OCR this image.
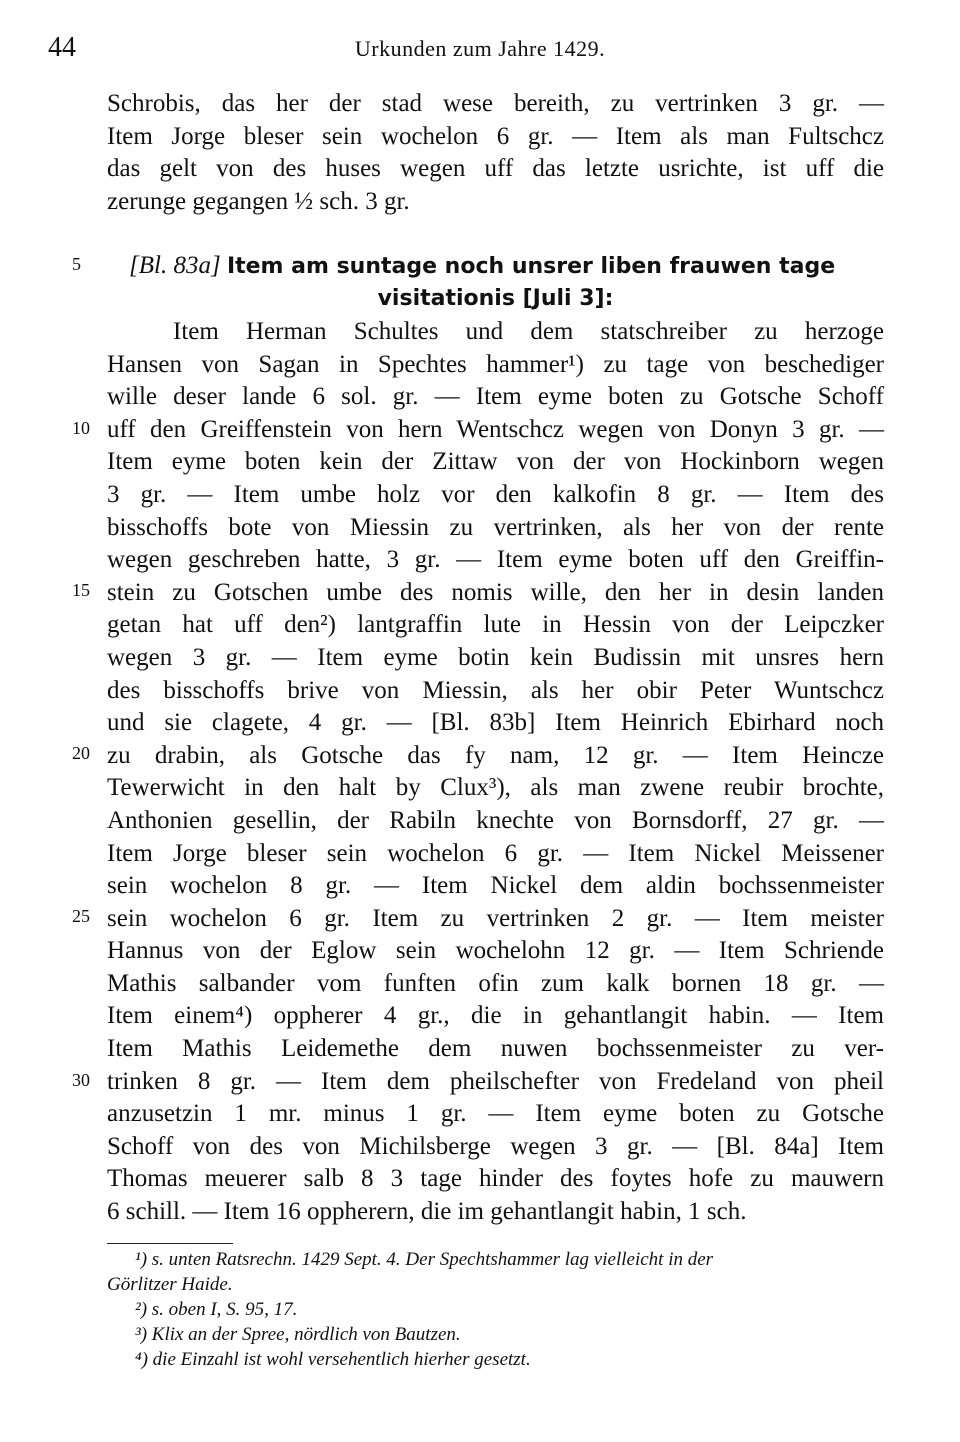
44	Urkunden zum Jahre 1429.
Schrobis, das her der stad wese bereith, zu vertrinken 3 gr. —
Item Jorge bleser sein wochelon 6 gr. — Item als man Fultschcz
das gelt von des huses wegen uff das letzte usrichte, ist uff die
zerunge gegangen ½ sch. 3 gr.
[Bl. 83a] Item am suntage noch unsrer liben frauwen tage
visitationis [Juli 3]:
Item Herman Schultes und dem statschreiber zu herzoge
Hansen von Sagan in Spechtes hammer¹) zu tage von beschediger
wille deser lande 6 sol. gr. — Item eyme boten zu Gotsche Schoff
uff den Greiffenstein von hern Wentschcz wegen von Donyn 3 gr. —
Item eyme boten kein der Zittaw von der von Hockinborn wegen
3 gr. — Item umbe holz vor den kalkofin 8 gr. — Item des
bisschoffs bote von Miessin zu vertrinken, als her von der rente
wegen geschreben hatte, 3 gr. — Item eyme boten uff den Greiffin-
stein zu Gotschen umbe des nomis wille, den her in desin landen
getan hat uff den²) lantgraffin lute in Hessin von der Leipczker
wegen 3 gr. — Item eyme botin kein Budissin mit unsres hern
des bisschoffs brive von Miessin, als her obir Peter Wuntschcz
und sie clagete, 4 gr. — [Bl. 83b] Item Heinrich Ebirhard noch
zu drabin, als Gotsche das fy nam, 12 gr. — Item Heincze
Tewerwicht in den halt by Clux³), als man zwene reubir brochte,
Anthonien gesellin, der Rabiln knechte von Bornsdorff, 27 gr. —
Item Jorge bleser sein wochelon 6 gr. — Item Nickel Meissener
sein wochelon 8 gr. — Item Nickel dem aldin bochssenmeister
sein wochelon 6 gr. Item zu vertrinken 2 gr. — Item meister
Hannus von der Eglow sein wochelohn 12 gr. — Item Schriende
Mathis salbander vom funften ofin zum kalk bornen 18 gr. —
Item einem⁴) oppherer 4 gr., die in gehantlangit habin. — Item
Item Mathis Leidemethe dem nuwen bochssenmeister zu ver-
trinken 8 gr. — Item dem pheilschefter von Fredeland von pheil
anzusetzin 1 mr. minus 1 gr. — Item eyme boten zu Gotsche
Schoff von des von Michilsberge wegen 3 gr. — [Bl. 84a] Item
Thomas meuerer salb 8 3 tage hinder des foytes hofe zu mauwern
6 schill. — Item 16 oppherern, die im gehantlangit habin, 1 sch.
5
10
15
20
25
30
¹) s. unten Ratsrechn. 1429 Sept. 4. Der Spechtshammer lag vielleicht in der
Görlitzer Haide.
²) s. oben I, S. 95, 17.
³) Klix an der Spree, nördlich von Bautzen.
⁴) die Einzahl ist wohl versehentlich hierher gesetzt.
